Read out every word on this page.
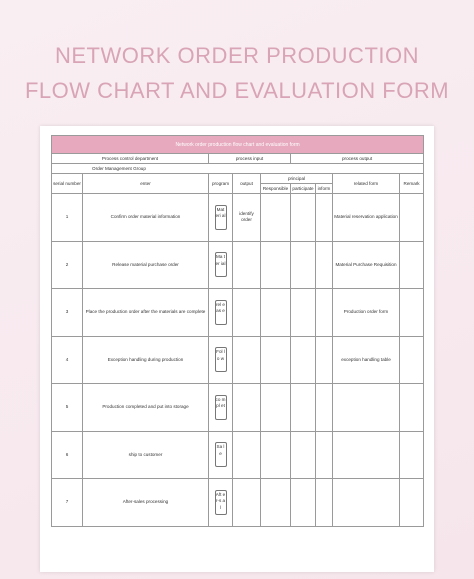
NETWORK ORDER PRODUCTION
FLOW CHART AND EVALUATION FORM
Network order production flow chart and evaluation form								
Process control department		process input			process output			
Order Management Group								
serial number	enter	program	output	principal			related form	Remark
				Responsible	participate	inform		
1	Confirm order material information	Mat eri al	identify order				Material reservation application	
2	Release material purchase order	Ma ter ial					Material Purchase Requisition	
3	Place the production order after the materials are complete	rel eas e					Production order form	
4	Exception handling during production	Fol lo w					exception handling table	
5	Production completed and put into storage	co mpl et						
6	ship to customer	Sa le						
7	After-sales processing	Aft er-s al						
